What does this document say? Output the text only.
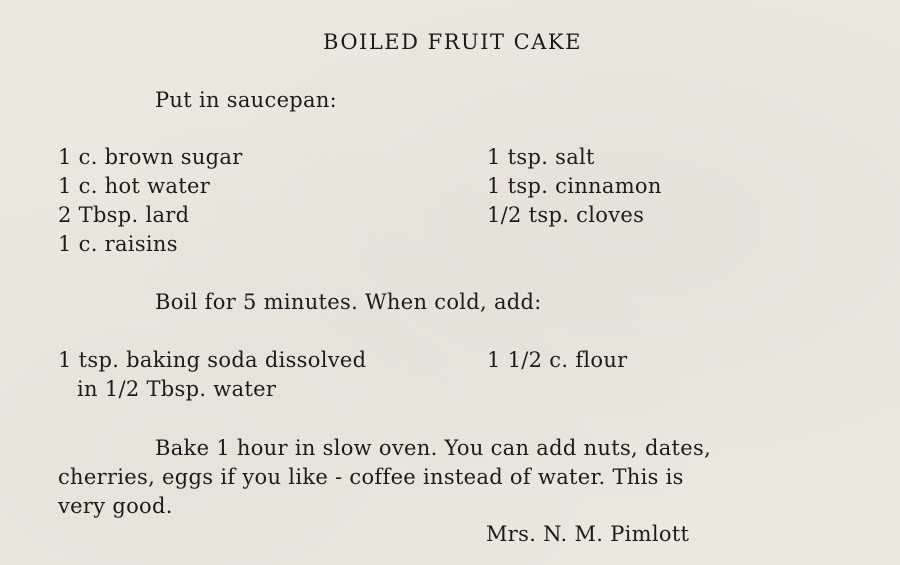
BOILED FRUIT CAKE
Put in saucepan:
1 c. brown sugar
1 c. hot water
2 Tbsp. lard
1 c. raisins
1 tsp. salt
1 tsp. cinnamon
1/2 tsp. cloves
Boil for 5 minutes. When cold, add:
1 tsp. baking soda dissolved
in 1/2 Tbsp. water
1 1/2 c. flour
Bake 1 hour in slow oven. You can add nuts, dates,
cherries, eggs if you like - coffee instead of water. This is
very good.
Mrs. N. M. Pimlott
